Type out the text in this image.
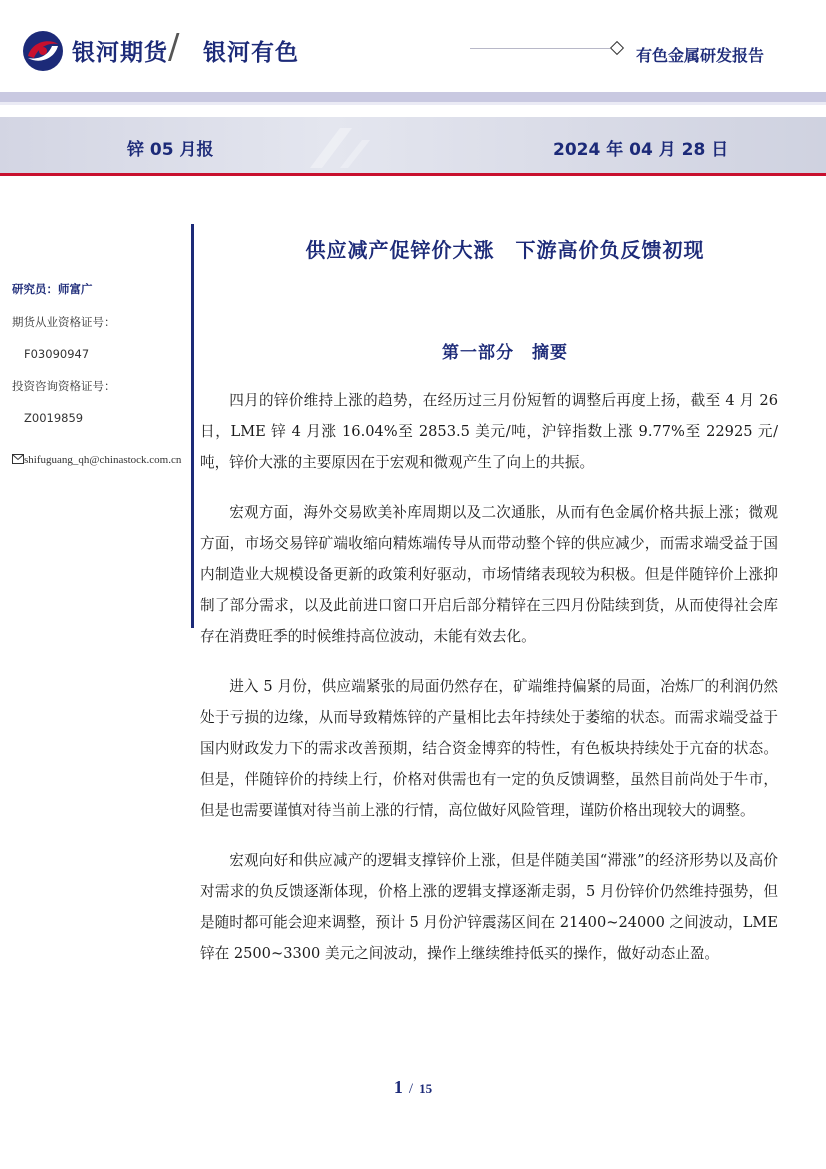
银河期货 / 银河有色	有色金属研发报告
锌 05 月报	2024 年 04 月 28 日
研究员：师富广
期货从业资格证号：
F03090947
投资咨询资格证号：
Z0019859
shifuguang_qh@chinastock.com.cn
供应减产促锌价大涨　下游高价负反馈初现
第一部分　摘要

四月的锌价维持上涨的趋势，在经历过三月份短暂的调整后再度上扬，截至 4 月 26 日，LME 锌 4 月涨 16.04%至 2853.5 美元/吨，沪锌指数上涨 9.77%至 22925 元/吨，锌价大涨的主要原因在于宏观和微观产生了向上的共振。

宏观方面，海外交易欧美补库周期以及二次通胀，从而有色金属价格共振上涨；微观方面，市场交易锌矿端收缩向精炼端传导从而带动整个锌的供应减少，而需求端受益于国内制造业大规模设备更新的政策利好驱动，市场情绪表现较为积极。但是伴随锌价上涨抑制了部分需求，以及此前进口窗口开启后部分精锌在三四月份陆续到货，从而使得社会库存在消费旺季的时候维持高位波动，未能有效去化。

进入 5 月份，供应端紧张的局面仍然存在，矿端维持偏紧的局面，冶炼厂的利润仍然处于亏损的边缘，从而导致精炼锌的产量相比去年持续处于萎缩的状态。而需求端受益于国内财政发力下的需求改善预期，结合资金博弈的特性，有色板块持续处于亢奋的状态。但是，伴随锌价的持续上行，价格对供需也有一定的负反馈调整，虽然目前尚处于牛市，但是也需要谨慎对待当前上涨的行情，高位做好风险管理，谨防价格出现较大的调整。

宏观向好和供应减产的逻辑支撑锌价上涨，但是伴随美国“滞涨”的经济形势以及高价对需求的负反馈逐渐体现，价格上涨的逻辑支撑逐渐走弱，5 月份锌价仍然维持强势，但是随时都可能会迎来调整，预计 5 月份沪锌震荡区间在 21400~24000 之间波动，LME 锌在 2500~3300 美元之间波动，操作上继续维持低买的操作，做好动态止盈。

1 / 15
